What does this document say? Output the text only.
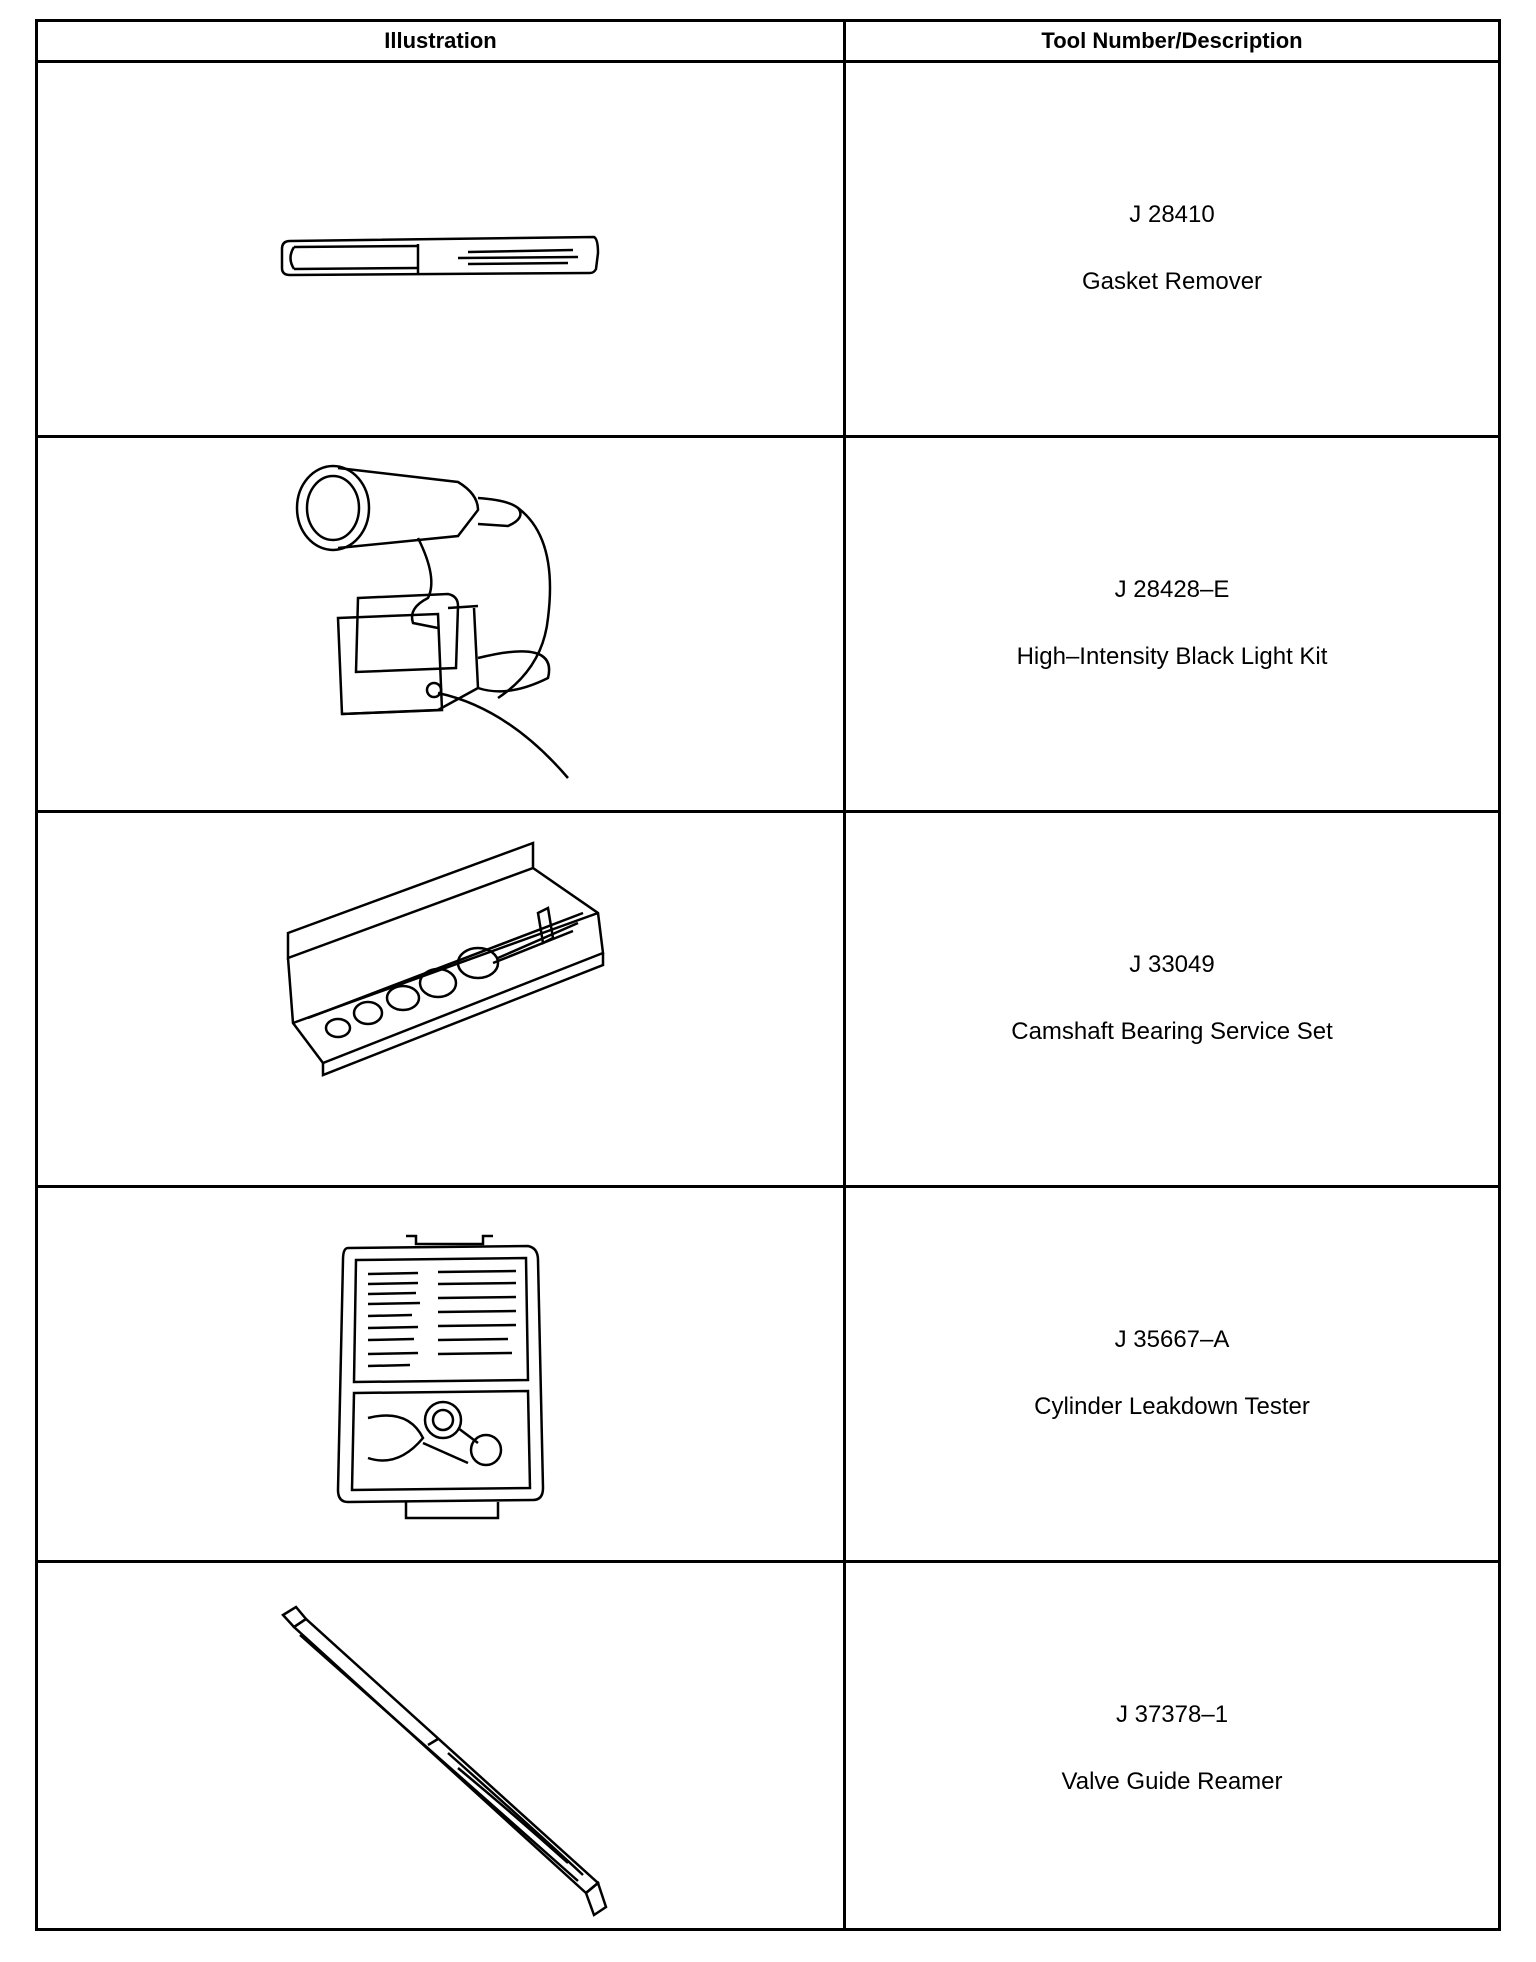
Illustration	Tool Number/Description
J 28410
Gasket Remover
J 28428–E
High–Intensity Black Light Kit
J 33049
Camshaft Bearing Service Set
J 35667–A
Cylinder Leakdown Tester
J 37378–1
Valve Guide Reamer
